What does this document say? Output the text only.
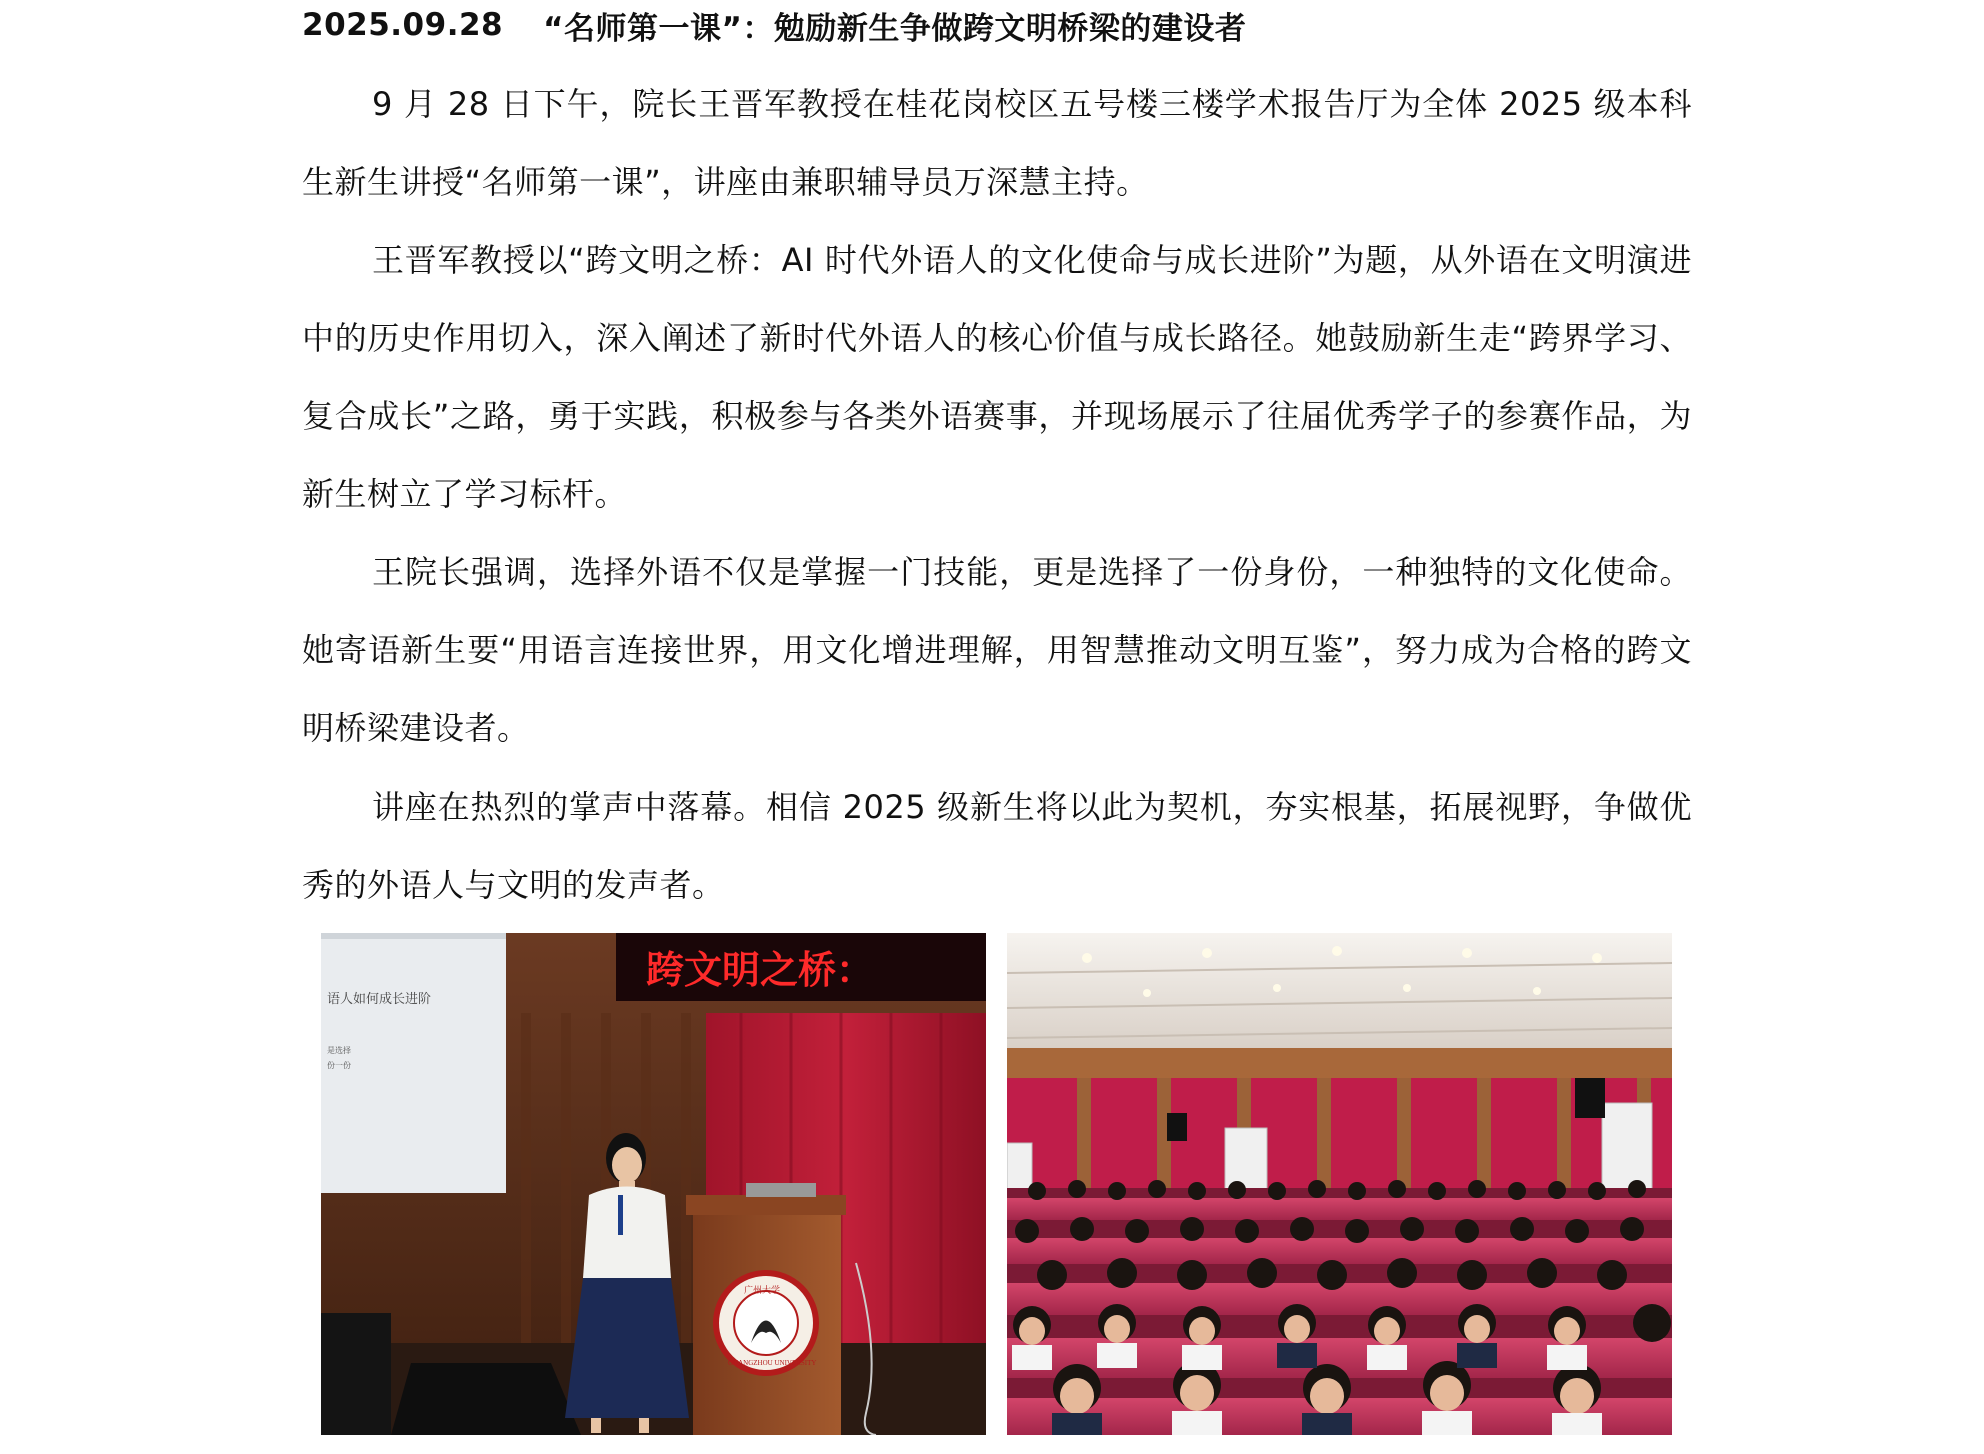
2025.09.28 “名师第一课”：勉励新生争做跨文明桥梁的建设者

9 月 28 日下午，院长王晋军教授在桂花岗校区五号楼三楼学术报告厅为全体 2025 级本科生新生讲授“名师第一课”，讲座由兼职辅导员万深慧主持。

王晋军教授以“跨文明之桥：AI 时代外语人的文化使命与成长进阶”为题，从外语在文明演进中的历史作用切入，深入阐述了新时代外语人的核心价值与成长路径。她鼓励新生走“跨界学习、复合成长”之路，勇于实践，积极参与各类外语赛事，并现场展示了往届优秀学子的参赛作品，为新生树立了学习标杆。

王院长强调，选择外语不仅是掌握一门技能，更是选择了一份身份，一种独特的文化使命。她寄语新生要“用语言连接世界，用文化增进理解，用智慧推动文明互鉴”，努力成为合格的跨文明桥梁建设者。

讲座在热烈的掌声中落幕。相信 2025 级新生将以此为契机，夯实根基，拓展视野，争做优秀的外语人与文明的发声者。

跨文明之桥：
语人如何成长进阶
是选择
份一份
广州大学
GUANGZHOU UNIVERSITY
